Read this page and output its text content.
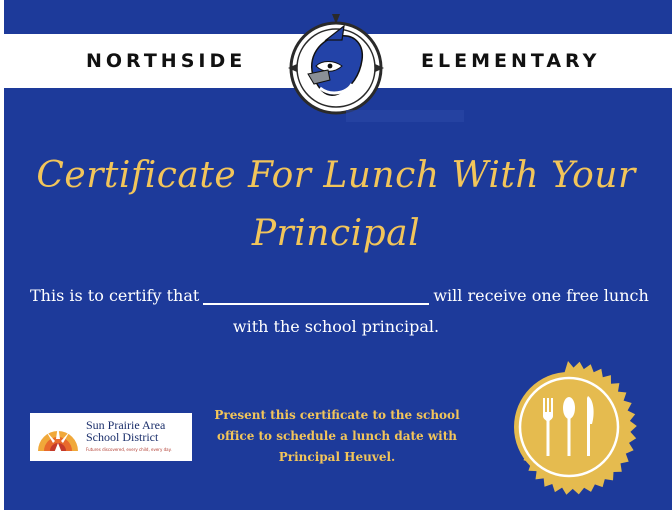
NORTHSIDE	ELEMENTARY
Certificate For Lunch With Your Principal
This is to certify that	will receive one free lunch
with the school principal.
Sun Prairie Area
School District
Futures discovered, every child, every day.
Present this certificate to the school office to schedule a lunch date with Principal Heuvel.
